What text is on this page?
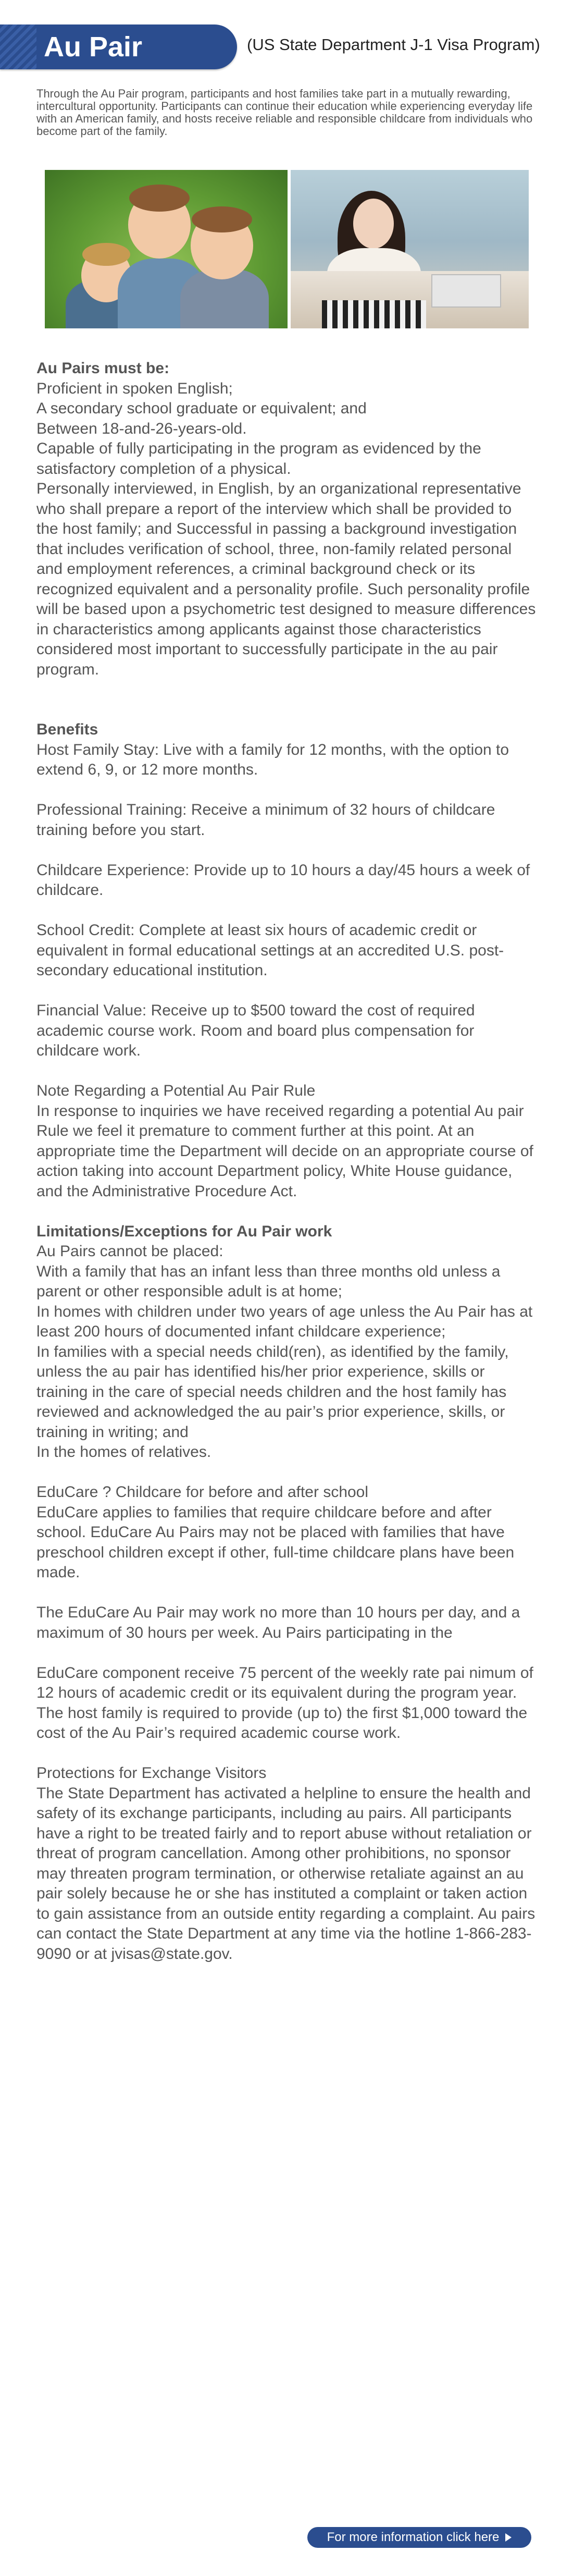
Au Pair	(US State Department J-1 Visa Program)
Through the Au Pair program, participants and host families take part in a mutually rewarding, intercultural opportunity. Participants can continue their education while experiencing everyday life with an American family, and hosts receive reliable and responsible childcare from individuals who become part of the family.

Au Pairs must be:

Proficient in spoken English;

A secondary school graduate or equivalent; and

Between 18-and-26-years-old.

Capable of fully participating in the program as evidenced by the satisfactory completion of a physical.

Personally interviewed, in English, by an organizational representative who shall prepare a report of the interview which shall be provided to the host family; and Successful in passing a background investigation that includes verification of school, three, non-family related personal and employment references, a criminal background check or its recognized equivalent and a personality profile. Such personality profile will be based upon a psychometric test designed to measure differences in characteristics among applicants against those characteristics considered most important to successfully participate in the au pair program.

Benefits

Host Family Stay: Live with a family for 12 months, with the option to extend 6, 9, or 12 more months.

Professional Training: Receive a minimum of 32 hours of childcare training before you start.

Childcare Experience: Provide up to 10 hours a day/45 hours a week of childcare.

School Credit: Complete at least six hours of academic credit or equivalent in formal educational settings at an accredited U.S. post-secondary educational institution.

Financial Value: Receive up to $500 toward the cost of required academic course work. Room and board plus compensation for childcare work.

Note Regarding a Potential Au Pair Rule

In response to inquiries we have received regarding a potential Au pair Rule we feel it premature to comment further at this point. At an appropriate time the Department will decide on an appropriate course of action taking into account Department policy, White House guidance, and the Administrative Procedure Act.

Limitations/Exceptions for Au Pair work

Au Pairs cannot be placed:

With a family that has an infant less than three months old unless a parent or other responsible adult is at home;

In homes with children under two years of age unless the Au Pair has at least 200 hours of documented infant childcare experience;

In families with a special needs child(ren), as identified by the family, unless the au pair has identified his/her prior experience, skills or training in the care of special needs children and the host family has reviewed and acknowledged the au pair’s prior experience, skills, or training in writing; and

In the homes of relatives.

EduCare ? Childcare for before and after school

EduCare applies to families that require childcare before and after school. EduCare Au Pairs may not be placed with families that have preschool children except if other, full-time childcare plans have been made.

The EduCare Au Pair may work no more than 10 hours per day, and a maximum of 30 hours per week. Au Pairs participating in the

EduCare component receive 75 percent of the weekly rate pai nimum of 12 hours of academic credit or its equivalent during the program year. The host family is required to provide (up to) the first $1,000 toward the cost of the Au Pair’s required academic course work.

Protections for Exchange Visitors

The State Department has activated a helpline to ensure the health and safety of its exchange participants, including au pairs. All participants have a right to be treated fairly and to report abuse without retaliation or threat of program cancellation. Among other prohibitions, no sponsor may threaten program termination, or otherwise retaliate against an au pair solely because he or she has instituted a complaint or taken action to gain assistance from an outside entity regarding a complaint. Au pairs can contact the State Department at any time via the hotline 1-866-283-9090 or at jvisas@state.gov.

For more information click here
